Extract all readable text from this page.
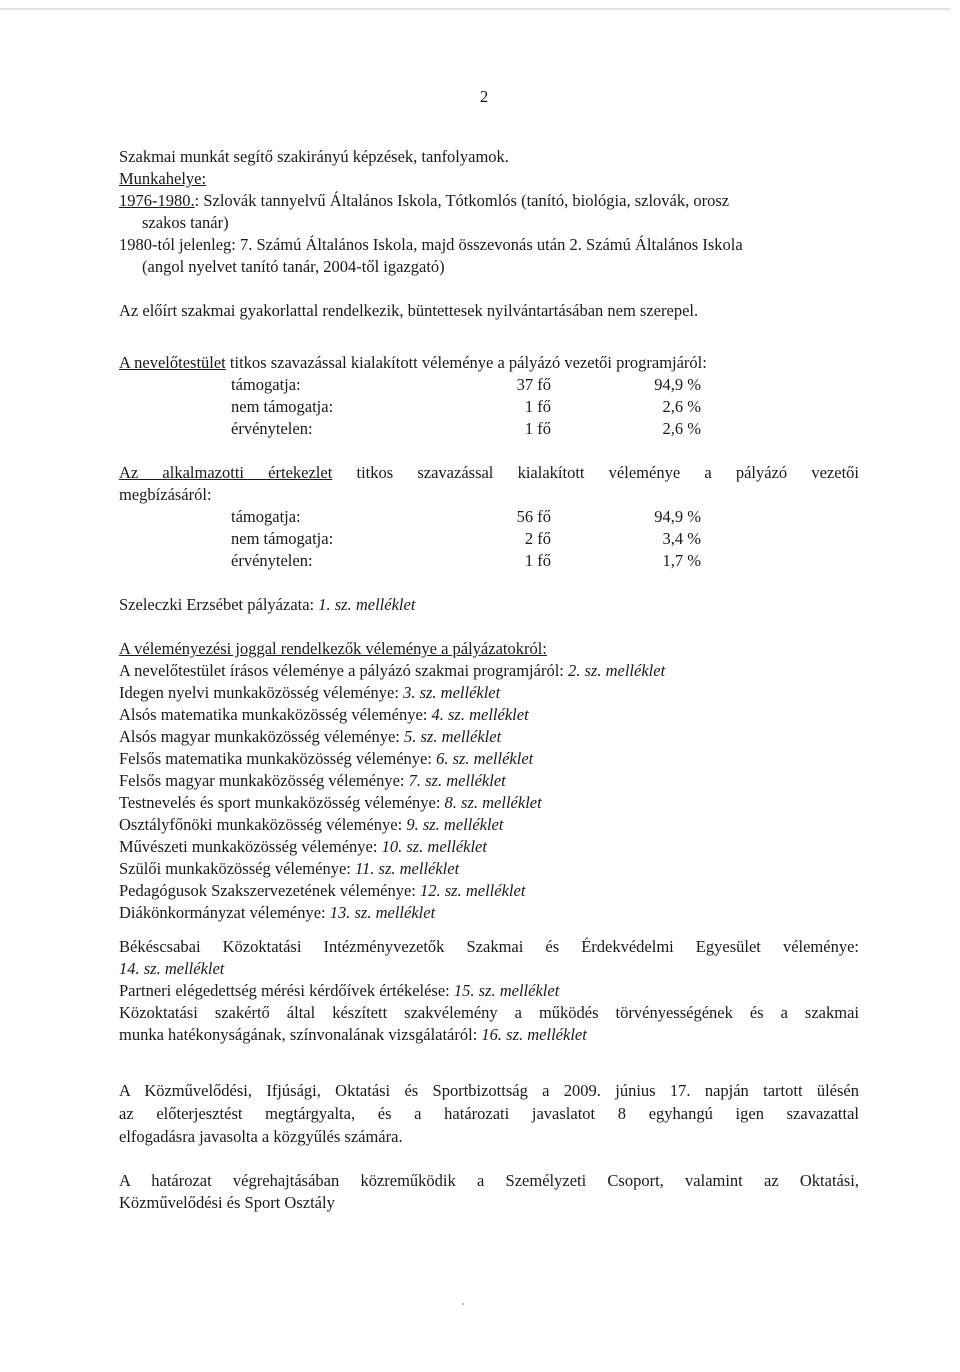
2
Szakmai munkát segítő szakirányú képzések, tanfolyamok.
Munkahelye:
1976-1980.: Szlovák tannyelvű Általános Iskola, Tótkomlós (tanító, biológia, szlovák, orosz
szakos tanár)
1980-tól jelenleg: 7. Számú Általános Iskola, majd összevonás után 2. Számú Általános Iskola
(angol nyelvet tanító tanár, 2004-től igazgató)
Az előírt szakmai gyakorlattal rendelkezik, büntettesek nyilvántartásában nem szerepel.
A nevelőtestület titkos szavazással kialakított véleménye a pályázó vezetői programjáról:
támogatja:	37 fő	94,9 %
nem támogatja:	1 fő	2,6 %
érvénytelen:	1 fő	2,6 %
Az alkalmazotti értekezlet titkos szavazással kialakított véleménye a pályázó vezetői
megbízásáról:
támogatja:	56 fő	94,9 %
nem támogatja:	2 fő	3,4 %
érvénytelen:	1 fő	1,7 %
Szeleczki Erzsébet pályázata: 1. sz. melléklet
A véleményezési joggal rendelkezők véleménye a pályázatokról:
A nevelőtestület írásos véleménye a pályázó szakmai programjáról: 2. sz. melléklet
Idegen nyelvi munkaközösség véleménye: 3. sz. melléklet
Alsós matematika munkaközösség véleménye: 4. sz. melléklet
Alsós magyar munkaközösség véleménye: 5. sz. melléklet
Felsős matematika munkaközösség véleménye: 6. sz. melléklet
Felsős magyar munkaközösség véleménye: 7. sz. melléklet
Testnevelés és sport munkaközösség véleménye: 8. sz. melléklet
Osztályfőnöki munkaközösség véleménye: 9. sz. melléklet
Művészeti munkaközösség véleménye: 10. sz. melléklet
Szülői munkaközösség véleménye: 11. sz. melléklet
Pedagógusok Szakszervezetének véleménye: 12. sz. melléklet
Diákönkormányzat véleménye: 13. sz. melléklet
Békéscsabai Közoktatási Intézményvezetők Szakmai és Érdekvédelmi Egyesület véleménye:
14. sz. melléklet
Partneri elégedettség mérési kérdőívek értékelése: 15. sz. melléklet
Közoktatási szakértő által készített szakvélemény a működés törvényességének és a szakmai
munka hatékonyságának, színvonalának vizsgálatáról: 16. sz. melléklet
A Közművelődési, Ifjúsági, Oktatási és Sportbizottság a 2009. június 17. napján tartott ülésén
az előterjesztést megtárgyalta, és a határozati javaslatot 8 egyhangú igen szavazattal
elfogadásra javasolta a közgyűlés számára.
A határozat végrehajtásában közreműködik a Személyzeti Csoport, valamint az Oktatási,
Közművelődési és Sport Osztály
